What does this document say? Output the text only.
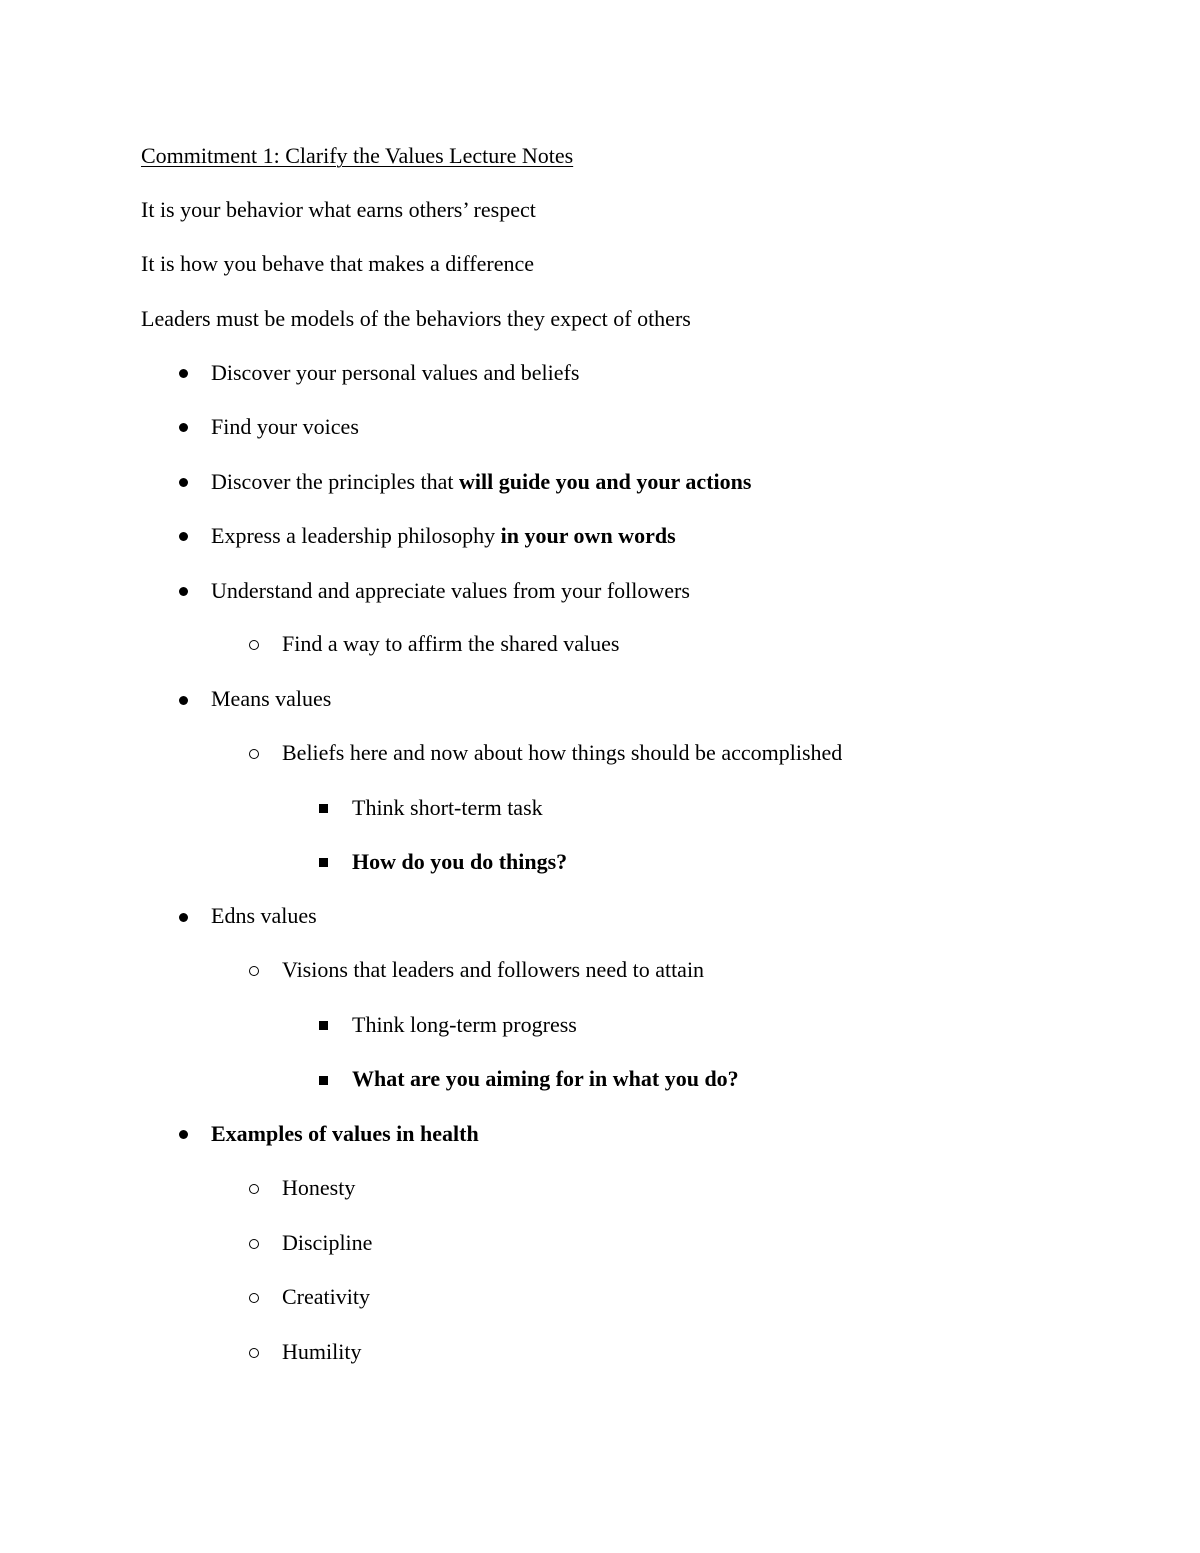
Commitment 1: Clarify the Values Lecture Notes
It is your behavior what earns others’ respect
It is how you behave that makes a difference
Leaders must be models of the behaviors they expect of others
Discover your personal values and beliefs
Find your voices
Discover the principles that will guide you and your actions
Express a leadership philosophy in your own words
Understand and appreciate values from your followers
Find a way to affirm the shared values
Means values
Beliefs here and now about how things should be accomplished
Think short-term task
How do you do things?
Edns values
Visions that leaders and followers need to attain
Think long-term progress
What are you aiming for in what you do?
Examples of values in health
Honesty
Discipline
Creativity
Humility
